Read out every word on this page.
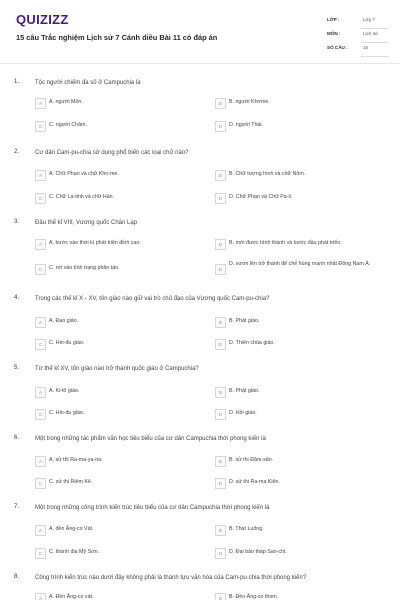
QUIZIZZ
15 câu Trắc nghiệm Lịch sử 7 Cánh diều Bài 11 có đáp án
LỚP :	Lớp 7
MÔN :	Lịch sử
SỐ CÂU :	15
1.	Tộc người chiếm đa số ở Campuchia là
A	A. người Môn.	B	B. người Khơme.
C	C. người Chăm.	D	D. người Thái.
2.	Cư dân Cam-pu-chia sử dụng phổ biến các loại chữ nào?
A	A. Chữ Phạn và chữ Kho-me.	B	B. Chữ tượng hình và chữ Nôm.
C	C. Chữ La-tinh và chữ Hán.	D	D. Chữ Phạn và Chữ Pa-li.
3.	Đầu thế kỉ VIII, Vương quốc Chân Lạp
A	A. bước vào thời kì phát triển đỉnh cao.	B	B. mới được hình thành và bước đầu phát triển.
C	C. rơi vào tình trạng phân tán.	D
D. vươn lên trở thành đế chế hùng mạnh nhất Đông Nam Á.
4.	Trong các thế kỉ X - XV, tôn giáo nào giữ vai trò chủ đạo của Vương quốc Cam-pu-chia?
A	A. Đạo giáo.	B	B. Phật giáo.
C	C. Hin-đu giáo.	D	D. Thiên chúa giáo.
5.	Từ thế kỉ XV, tôn giáo nào trở thành quốc giáo ở Campuchia?
A	A. Ki-tô giáo.	B	B. Phật giáo.
C	C. Hin-đu giáo.	D	D. Hồi giáo.
6.	Một trong những tác phẩm văn học tiêu biểu của cư dân Campuchia thời phong kiến là
A	A. sử thi Ra-ma-ya-na.	B	B. sử thi Đăm-săn.
C	C. sử thi Riêm Kê.	D	D. sử thi Ra-ma Kiên.
7.	Một trong những công trình kiến trúc tiêu biểu của cư dân Campuchia thời phong kiến là
A	A. đền Ăng-co Vát.	B	B. Thạt Luổng.
C	C. thánh địa Mỹ Sơn.	D	D. Đại bảo tháp San-chi.
8.	Công trình kiến trúc nào dưới đây không phải là thành tựu văn hóa của Cam-pu-chia thời phong kiến?
A	A. Đền Ăng-co vát.	B	B. Đền Ăng-co thom.
